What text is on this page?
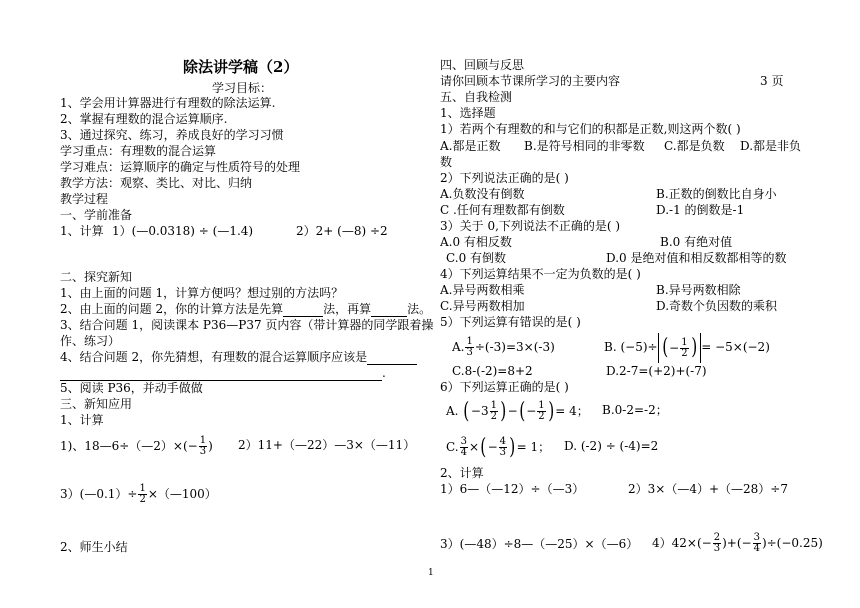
除法讲学稿（2）
学习目标：
1、学会用计算器进行有理数的除法运算.
2、掌握有理数的混合运算顺序.
3、通过探究、练习，养成良好的学习习惯
学习重点：有理数的混合运算
学习难点：运算顺序的确定与性质符号的处理
教学方法：观察、类比、对比、归纳
教学过程
一、学前准备
1、计算 1）(—0.0318) ÷ (—1.4)	2）2+ (—8) ÷2
二、探究新知
1、由上面的问题 1，计算方便吗？想过别的方法吗？
2、由上面的问题 2，你的计算方法是先算	法，再算	法。
3、结合问题 1，阅读课本 P36—P37 页内容（带计算器的同学跟着操
作、练习）
4、结合问题 2，你先猜想，有理数的混合运算顺序应该是
.
5、阅读 P36，并动手做做
三、新知应用
1、计算
1)、18—6÷（—2）×(− $\frac{1}{3}$ ) 2）11+（—22）—3×（—11）
3）(—0.1）÷ $\frac{1}{2}$ ×（—100）
2、师生小结
四、回顾与反思
请你回顾本节课所学习的主要内容	3 页
五、自我检测
1、选择题
1）若两个有理数的和与它们的积都是正数,则这两个数( )
A.都是正数 B.是符号相同的非零数 C.都是负数 D.都是非负
数
2）下列说法正确的是( )
A.负数没有倒数	B.正数的倒数比自身小
C .任何有理数都有倒数	D.-1 的倒数是-1
3）关于 0,下列说法不正确的是( )
A.0 有相反数	B.0 有绝对值
C.0 有倒数	D.0 是绝对值和相反数都相等的数
4）下列运算结果不一定为负数的是( )
A.异号两数相乘	B.异号两数相除
C.异号两数相加	D.奇数个负因数的乘积
5）下列运算有错误的是( )
A. $\frac{1}{3} \div(-3)=3\times(-3)$	B. (−5)÷ (− $\frac{1}{2}$ ) = −5×(−2)
C.8-(-2)=8+2	D.2-7=(+2)+(-7)
6）下列运算正确的是( )
A. ($-3 \frac{1}{2}$ )−(− $\frac{1}{2}$ )= 4； B.0-2=-2；
C. $\frac{3}{4}$ ×(− $\frac{4}{3}$ )= 1； D. (-2) ÷ (-4)=2
2、计算
1）6—（—12）÷（—3）	2）3×（—4）+（—28）÷7
3）(—48）÷8—（—25）×（—6） $4)42\times(- \frac{2}{3}$ )+(− $\frac{3}{4} )\div(-0.25)$
1
